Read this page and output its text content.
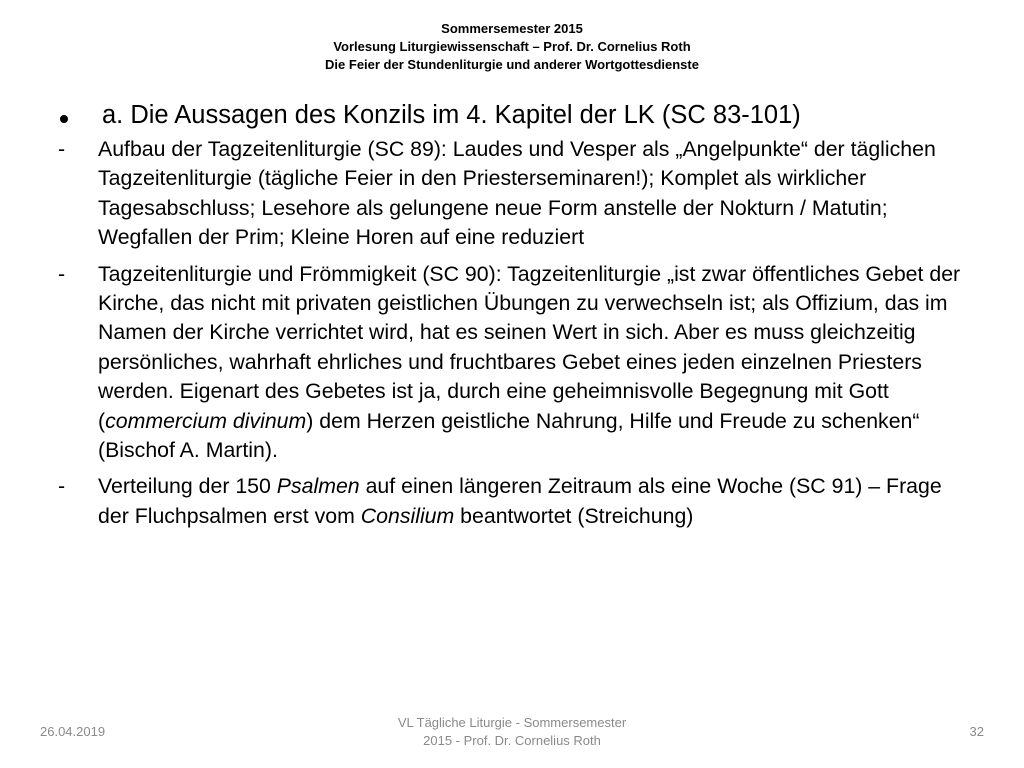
Sommersemester 2015
Vorlesung Liturgiewissenschaft – Prof. Dr. Cornelius Roth
Die Feier der Stundenliturgie und anderer Wortgottesdienste
a. Die Aussagen des Konzils im 4. Kapitel der LK (SC 83-101)
-	Aufbau der Tagzeitenliturgie (SC 89): Laudes und Vesper als „Angelpunkte“ der täglichen Tagzeitenliturgie (tägliche Feier in den Priesterseminaren!); Komplet als wirklicher Tagesabschluss; Lesehore als gelungene neue Form anstelle der Nokturn / Matutin; Wegfallen der Prim; Kleine Horen auf eine reduziert
-	Tagzeitenliturgie und Frömmigkeit (SC 90): Tagzeitenliturgie „ist zwar öffentliches Gebet der Kirche, das nicht mit privaten geistlichen Übungen zu verwechseln ist; als Offizium, das im Namen der Kirche verrichtet wird, hat es seinen Wert in sich. Aber es muss gleichzeitig persönliches, wahrhaft ehrliches und fruchtbares Gebet eines jeden einzelnen Priesters werden. Eigenart des Gebetes ist ja, durch eine geheimnisvolle Begegnung mit Gott (commercium divinum) dem Herzen geistliche Nahrung, Hilfe und Freude zu schenken“ (Bischof A. Martin).
-	Verteilung der 150 Psalmen auf einen längeren Zeitraum als eine Woche (SC 91) – Frage der Fluchpsalmen erst vom Consilium beantwortet (Streichung)
26.04.2019
VL Tägliche Liturgie - Sommersemester
2015 - Prof. Dr. Cornelius Roth
32
